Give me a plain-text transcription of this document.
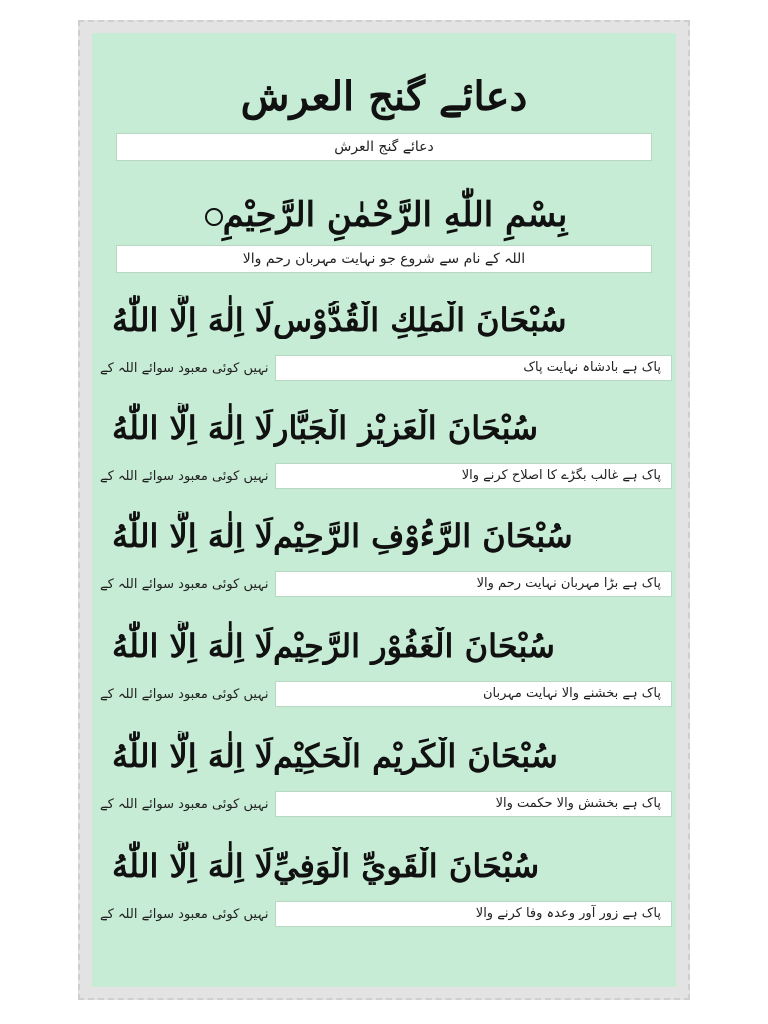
دعائے گنج العرش
دعائے گنج العرش
بِسْمِ اللّٰهِ الرَّحْمٰنِ الرَّحِيْمِ
اللہ کے نام سے شروع جو نہایت مہربان رحم والا
لَا اِلٰهَ اِلَّا اللّٰهُ سُبْحَانَ الْمَلِكِ الْقُدُّوْسِ
نہیں کوئی معبود سوائے اللہ کے	پاک ہے بادشاہ نہایت پاک
لَا اِلٰهَ اِلَّا اللّٰهُ سُبْحَانَ الْعَزِيْزِ الْجَبَّارِ
نہیں کوئی معبود سوائے اللہ کے	پاک ہے غالب بگڑے کا اصلاح کرنے والا
لَا اِلٰهَ اِلَّا اللّٰهُ سُبْحَانَ الرَّءُوْفِ الرَّحِيْمِ
نہیں کوئی معبود سوائے اللہ کے	پاک ہے بڑا مہربان نہایت رحم والا
لَا اِلٰهَ اِلَّا اللّٰهُ سُبْحَانَ الْغَفُوْرِ الرَّحِيْمِ
نہیں کوئی معبود سوائے اللہ کے	پاک ہے بخشنے والا نہایت مہربان
لَا اِلٰهَ اِلَّا اللّٰهُ سُبْحَانَ الْكَرِيْمِ الْحَكِيْمِ
نہیں کوئی معبود سوائے اللہ کے	پاک ہے بخشش والا حکمت والا
لَا اِلٰهَ اِلَّا اللّٰهُ سُبْحَانَ الْقَوِيِّ الْوَفِيِّ
نہیں کوئی معبود سوائے اللہ کے	پاک ہے زور آور وعدہ وفا کرنے والا
